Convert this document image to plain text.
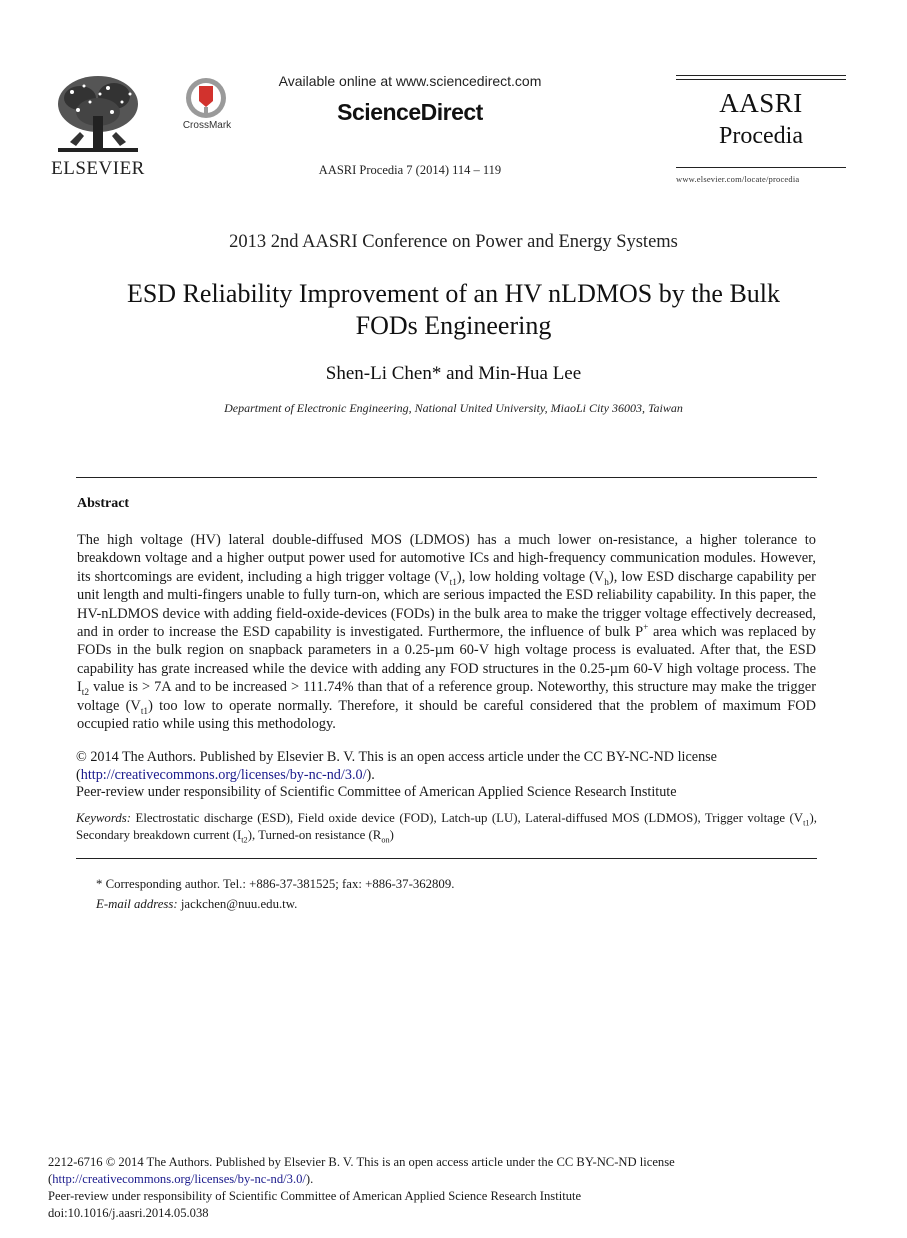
ELSEVIER
CrossMark
Available online at www.sciencedirect.com
ScienceDirect
AASRI Procedia 7 (2014) 114 – 119
AASRI
Procedia
www.elsevier.com/locate/procedia
2013 2nd AASRI Conference on Power and Energy Systems
ESD Reliability Improvement of an HV nLDMOS by the Bulk
FODs Engineering
Shen-Li Chen* and Min-Hua Lee
Department of Electronic Engineering, National United University, MiaoLi City 36003, Taiwan
Abstract
The high voltage (HV) lateral double-diffused MOS (LDMOS) has a much lower on-resistance, a higher tolerance to breakdown voltage and a higher output power used for automotive ICs and high-frequency communication modules. However, its shortcomings are evident, including a high trigger voltage $(V_{t1})$, low holding voltage $(V_h)$, low ESD discharge capability per unit length and multi-fingers unable to fully turn-on, which are serious impacted the ESD reliability capability. In this paper, the HV-nLDMOS device with adding field-oxide-devices (FODs) in the bulk area to make the trigger voltage effectively decreased, and in order to increase the ESD capability is investigated. Furthermore, the influence of bulk P+ area which was replaced by FODs in the bulk region on snapback parameters in a 0.25-µm 60-V high voltage process is evaluated. After that, the ESD capability has grate increased while the device with adding any FOD structures in the 0.25-µm 60-V high voltage process. The $I_{t2}$ value is > 7A and to be increased > 111.74% than that of a reference group. Noteworthy, this structure may make the trigger voltage $(V_{t1})$ too low to operate normally. Therefore, it should be careful considered that the problem of maximum FOD occupied ratio while using this methodology.
© 2014 The Authors. Published by Elsevier B. V. This is an open access article under the CC BY-NC-ND license
(http://creativecommons.org/licenses/by-nc-nd/3.0/).
Peer-review under responsibility of Scientific Committee of American Applied Science Research Institute
Keywords: Electrostatic discharge (ESD), Field oxide device (FOD), Latch-up (LU), Lateral-diffused MOS (LDMOS), Trigger voltage $(V_{t1})$, Secondary breakdown current $(I_{t2})$, Turned-on resistance $(R_{on})$
* Corresponding author. Tel.: +886-37-381525; fax: +886-37-362809.
E-mail address: jackchen@nuu.edu.tw.
2212-6716 © 2014 The Authors. Published by Elsevier B. V. This is an open access article under the CC BY-NC-ND license
(http://creativecommons.org/licenses/by-nc-nd/3.0/).
Peer-review under responsibility of Scientific Committee of American Applied Science Research Institute
doi:10.1016/j.aasri.2014.05.038
